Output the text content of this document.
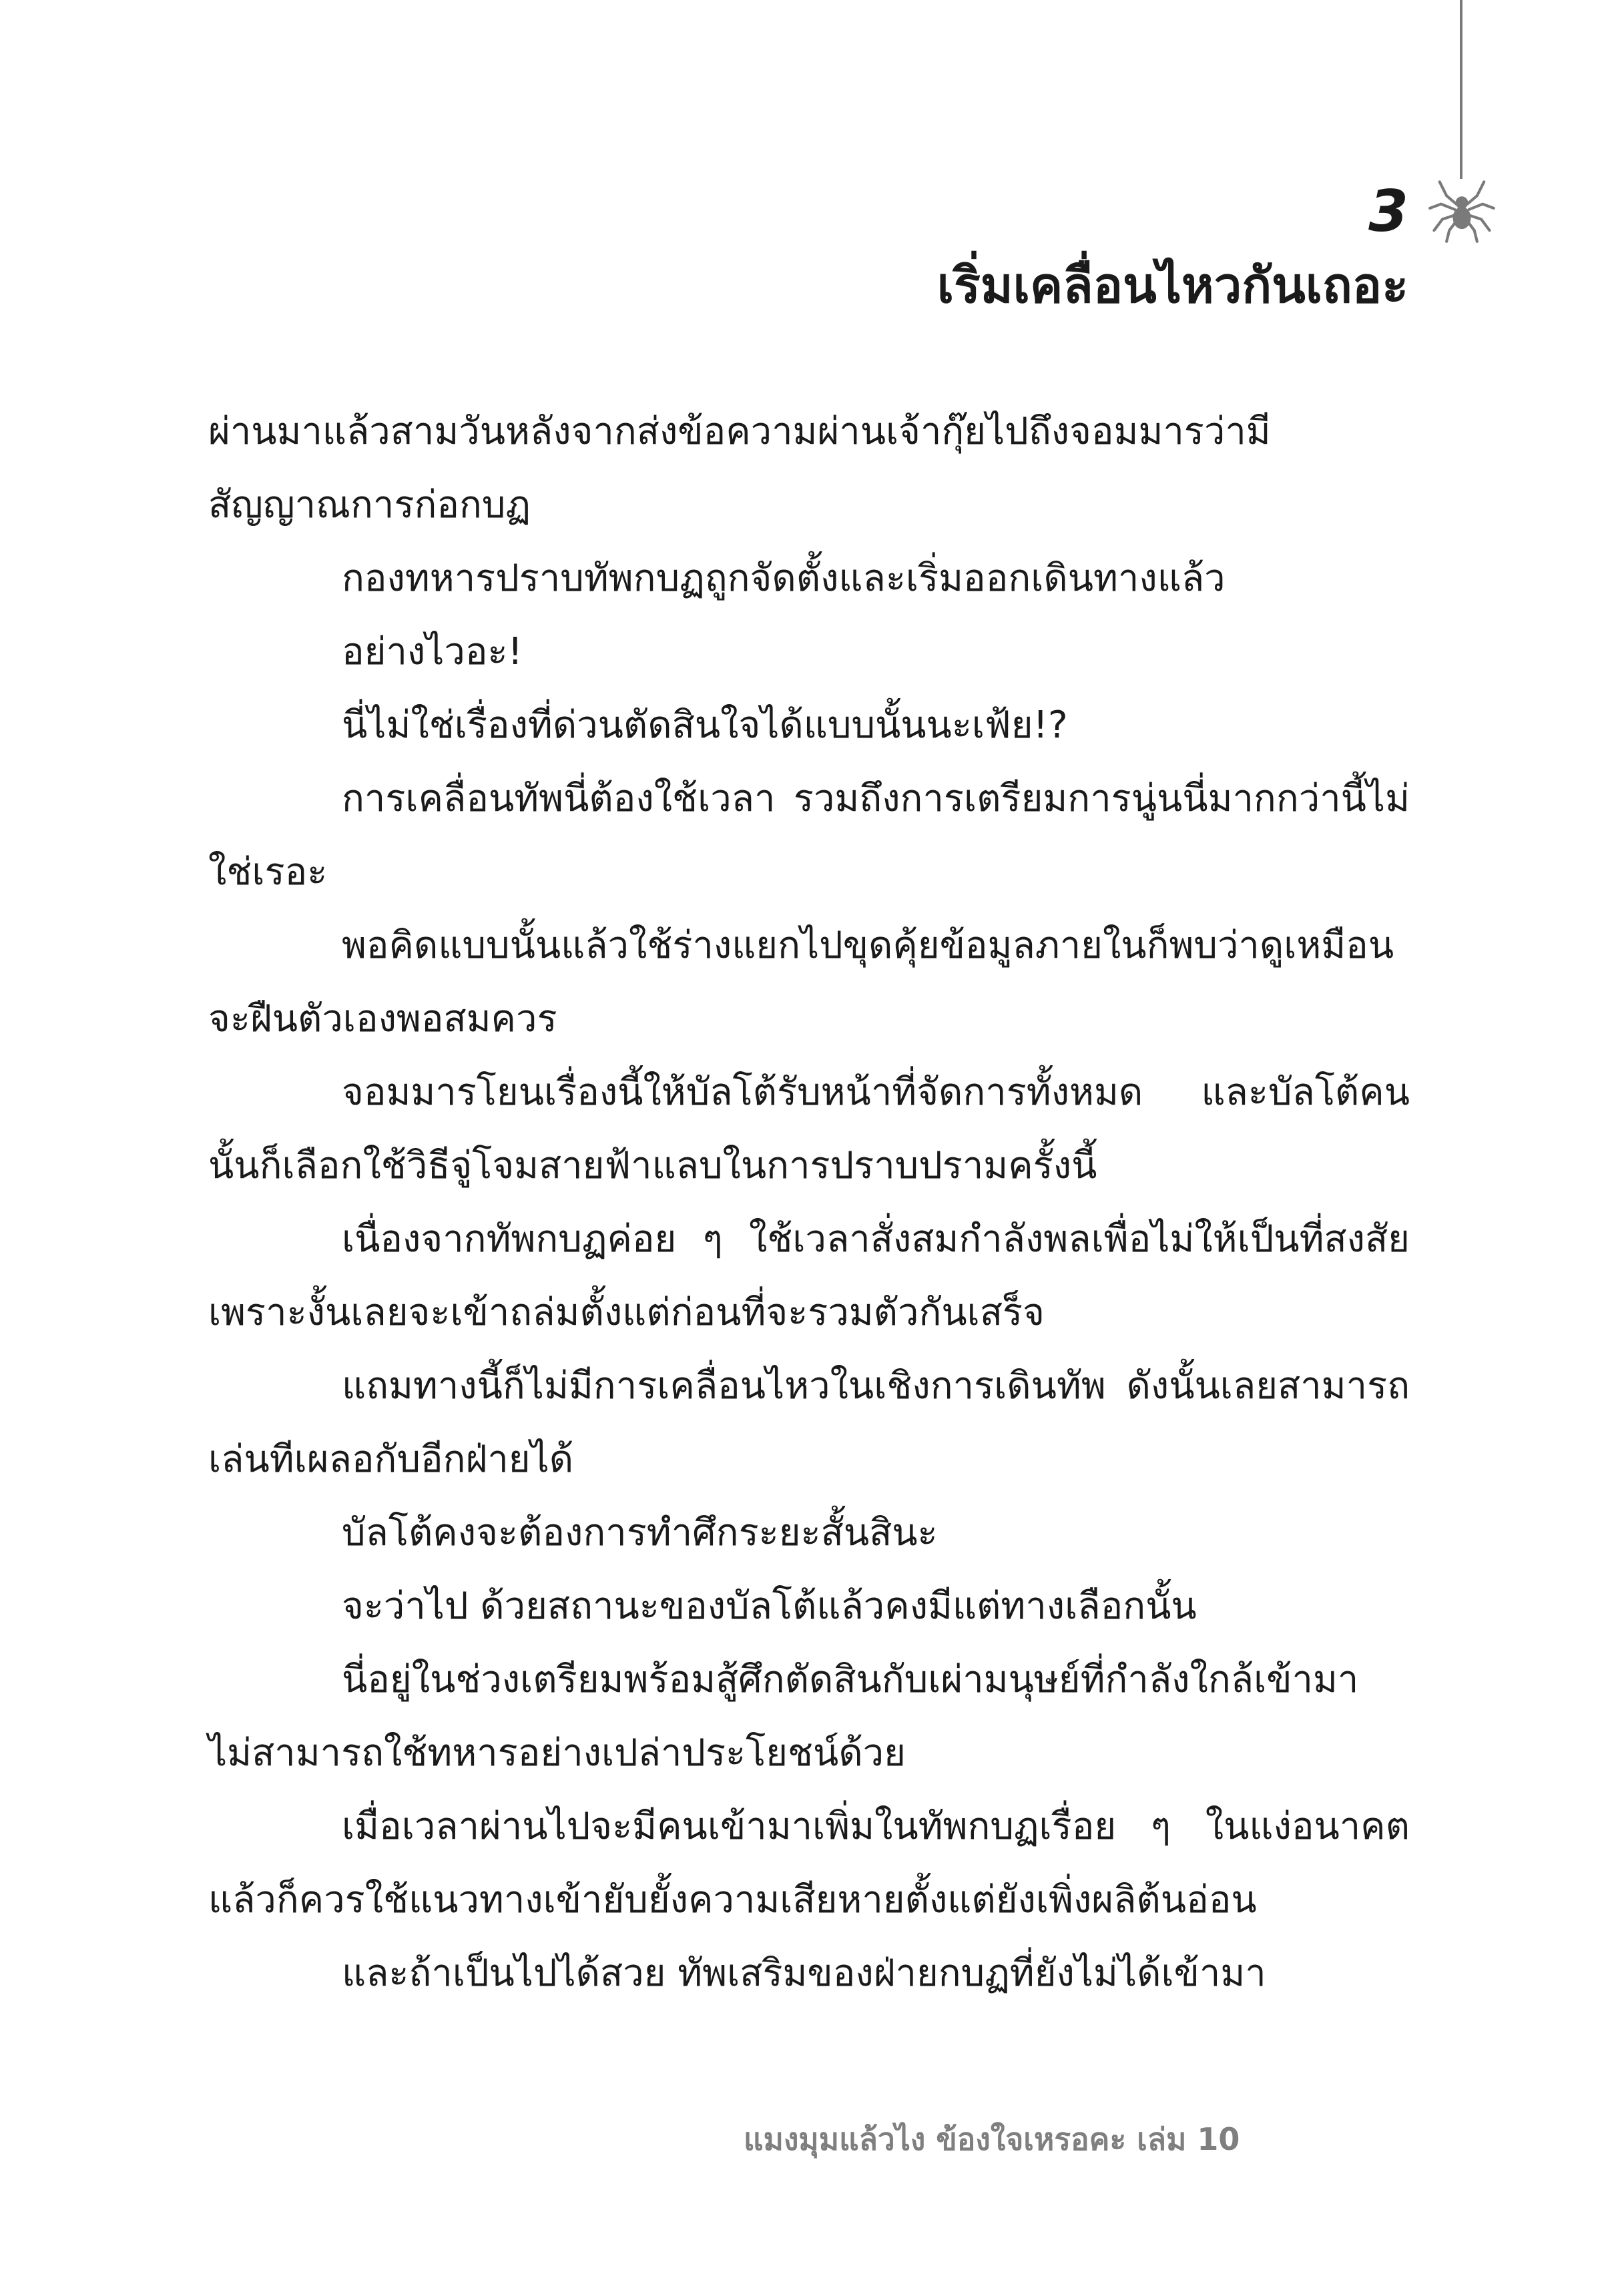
3
เริ่มเคลื่อนไหวกันเถอะ

ผ่านมาแล้วสามวันหลังจากส่งข้อความผ่านเจ้ากุ๊ยไปถึงจอมมารว่ามีสัญญาณการก่อกบฏ

กองทหารปราบทัพกบฏถูกจัดตั้งและเริ่มออกเดินทางแล้ว

อย่างไวอะ!

นี่ไม่ใช่เรื่องที่ด่วนตัดสินใจได้แบบนั้นนะเฟ้ย!?

การเคลื่อนทัพนี่ต้องใช้เวลา รวมถึงการเตรียมการนู่นนี่มากกว่านี้ไม่ใช่เรอะ

พอคิดแบบนั้นแล้วใช้ร่างแยกไปขุดคุ้ยข้อมูลภายในก็พบว่าดูเหมือนจะฝืนตัวเองพอสมควร

จอมมารโยนเรื่องนี้ให้บัลโต้รับหน้าที่จัดการทั้งหมด และบัลโต้คนนั้นก็เลือกใช้วิธีจู่โจมสายฟ้าแลบในการปราบปรามครั้งนี้

เนื่องจากทัพกบฏค่อย ๆ ใช้เวลาสั่งสมกำลังพลเพื่อไม่ให้เป็นที่สงสัย เพราะงั้นเลยจะเข้าถล่มตั้งแต่ก่อนที่จะรวมตัวกันเสร็จ

แถมทางนี้ก็ไม่มีการเคลื่อนไหวในเชิงการเดินทัพ ดังนั้นเลยสามารถเล่นทีเผลอกับอีกฝ่ายได้

บัลโต้คงจะต้องการทำศึกระยะสั้นสินะ

จะว่าไป ด้วยสถานะของบัลโต้แล้วคงมีแต่ทางเลือกนั้น

นี่อยู่ในช่วงเตรียมพร้อมสู้ศึกตัดสินกับเผ่ามนุษย์ที่กำลังใกล้เข้ามา ไม่สามารถใช้ทหารอย่างเปล่าประโยชน์ด้วย

เมื่อเวลาผ่านไปจะมีคนเข้ามาเพิ่มในทัพกบฏเรื่อย ๆ ในแง่อนาคตแล้วก็ควรใช้แนวทางเข้ายับยั้งความเสียหายตั้งแต่ยังเพิ่งผลิต้นอ่อน

และถ้าเป็นไปได้สวย ทัพเสริมของฝ่ายกบฏที่ยังไม่ได้เข้ามา

แมงมุมแล้วไง ข้องใจเหรอคะ เล่ม 10
